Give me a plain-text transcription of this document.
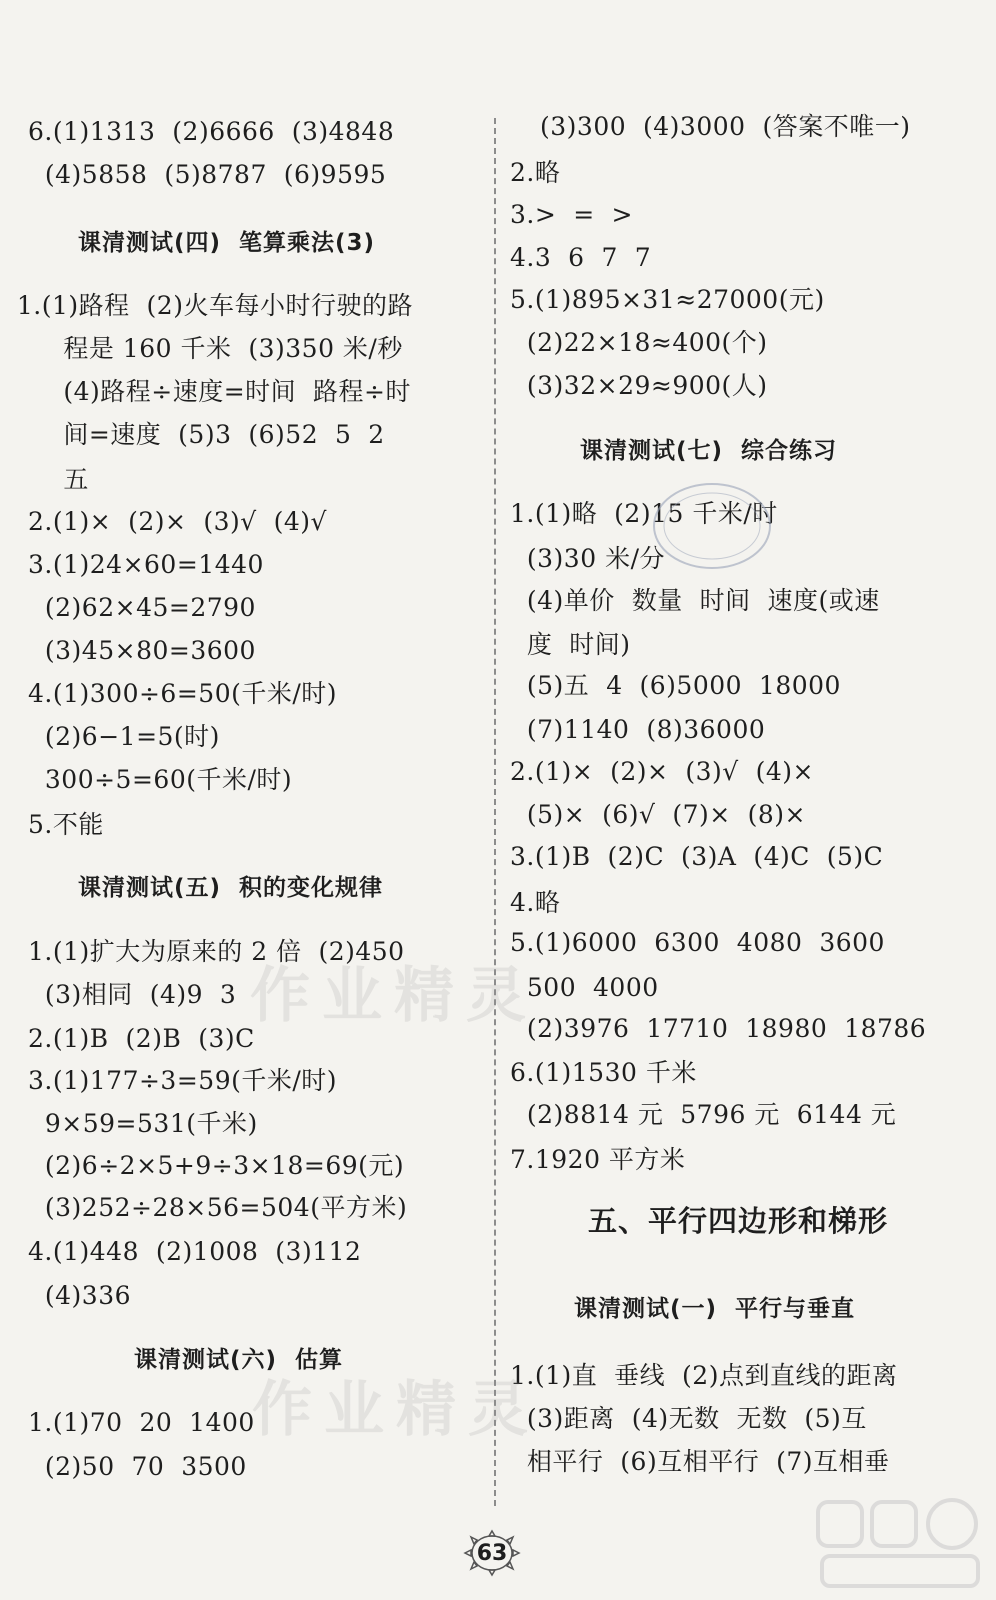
6.(1)1313  (2)6666  (3)4848
(4)5858  (5)8787  (6)9595
课清测试(四)  笔算乘法(3)
1.(1)路程  (2)火车每小时行驶的路
程是 160 千米  (3)350 米/秒
(4)路程÷速度=时间  路程÷时
间=速度  (5)3  (6)52  5  2
五
2.(1)×  (2)×  (3)√  (4)√
3.(1)24×60=1440
(2)62×45=2790
(3)45×80=3600
4.(1)300÷6=50(千米/时)
(2)6−1=5(时)
300÷5=60(千米/时)
5.不能
课清测试(五)  积的变化规律
1.(1)扩大为原来的 2 倍  (2)450
(3)相同  (4)9  3
2.(1)B  (2)B  (3)C
3.(1)177÷3=59(千米/时)
9×59=531(千米)
(2)6÷2×5+9÷3×18=69(元)
(3)252÷28×56=504(平方米)
4.(1)448  (2)1008  (3)112
(4)336
课清测试(六)  估算
1.(1)70  20  1400
(2)50  70  3500
(3)300  (4)3000  (答案不唯一)
2.略
3.>  =  >
4.3  6  7  7
5.(1)895×31≈27000(元)
(2)22×18≈400(个)
(3)32×29≈900(人)
课清测试(七)  综合练习
1.(1)略  (2)15 千米/时
(3)30 米/分
(4)单价  数量  时间  速度(或速
度  时间)
(5)五  4  (6)5000  18000
(7)1140  (8)36000
2.(1)×  (2)×  (3)√  (4)×
(5)×  (6)√  (7)×  (8)×
3.(1)B  (2)C  (3)A  (4)C  (5)C
4.略
5.(1)6000  6300  4080  3600
500  4000
(2)3976  17710  18980  18786
6.(1)1530 千米
(2)8814 元  5796 元  6144 元
7.1920 平方米
五、平行四边形和梯形
课清测试(一)  平行与垂直
1.(1)直  垂线  (2)点到直线的距离
(3)距离  (4)无数  无数  (5)互
相平行  (6)互相平行  (7)互相垂
作业精灵
作业精灵
63
